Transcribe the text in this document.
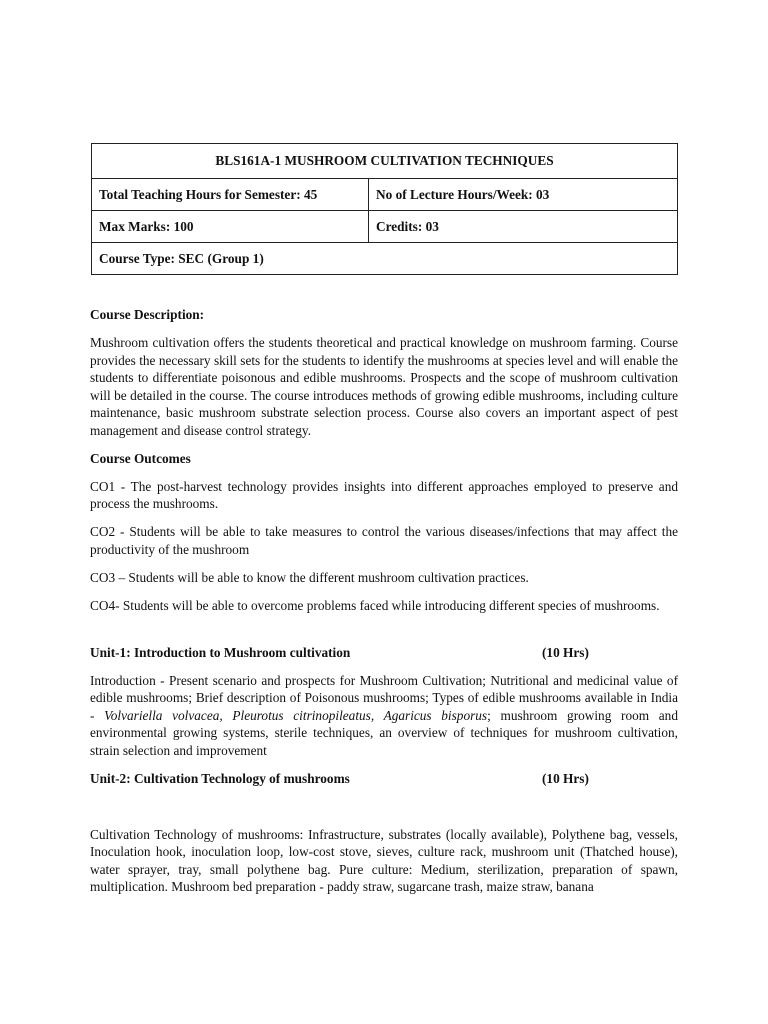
BLS161A-1 MUSHROOM CULTIVATION TECHNIQUES	
Total Teaching Hours for Semester: 45	No of Lecture Hours/Week: 03
Max Marks: 100	Credits: 03
Course Type: SEC (Group 1)	

Course Description:

Mushroom cultivation offers the students theoretical and practical knowledge on mushroom farming. Course provides the necessary skill sets for the students to identify the mushrooms at species level and will enable the students to differentiate poisonous and edible mushrooms. Prospects and the scope of mushroom cultivation will be detailed in the course. The course introduces methods of growing edible mushrooms, including culture maintenance, basic mushroom substrate selection process. Course also covers an important aspect of pest management and disease control strategy.

Course Outcomes

CO1 - The post-harvest technology provides insights into different approaches employed to preserve and process the mushrooms.

CO2 - Students will be able to take measures to control the various diseases/infections that may affect the productivity of the mushroom

CO3 – Students will be able to know the different mushroom cultivation practices.

CO4- Students will be able to overcome problems faced while introducing different species of mushrooms.

Unit-1: Introduction to Mushroom cultivation	(10 Hrs)

Introduction - Present scenario and prospects for Mushroom Cultivation; Nutritional and medicinal value of edible mushrooms; Brief description of Poisonous mushrooms; Types of edible mushrooms available in India - Volvariella volvacea, Pleurotus citrinopileatus, Agaricus bisporus; mushroom growing room and environmental growing systems, sterile techniques, an overview of techniques for mushroom cultivation, strain selection and improvement

Unit-2: Cultivation Technology of mushrooms	(10 Hrs)

Cultivation Technology of mushrooms: Infrastructure, substrates (locally available), Polythene bag, vessels, Inoculation hook, inoculation loop, low-cost stove, sieves, culture rack, mushroom unit (Thatched house), water sprayer, tray, small polythene bag. Pure culture: Medium, sterilization, preparation of spawn, multiplication. Mushroom bed preparation - paddy straw, sugarcane trash, maize straw, banana
